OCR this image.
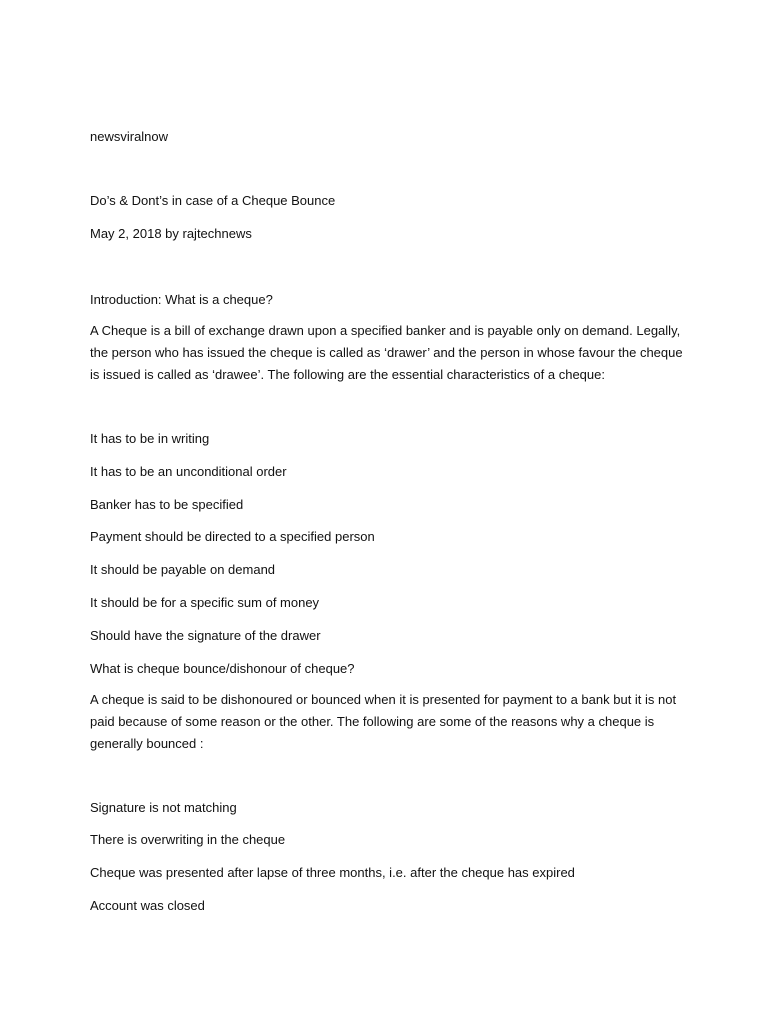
newsviralnow

Do’s & Dont’s in case of a Cheque Bounce

May 2, 2018 by rajtechnews

Introduction: What is a cheque?

A Cheque is a bill of exchange drawn upon a specified banker and is payable only on demand. Legally, the person who has issued the cheque is called as ‘drawer’ and the person in whose favour the cheque is issued is called as ‘drawee’. The following are the essential characteristics of a cheque:

It has to be in writing

It has to be an unconditional order

Banker has to be specified

Payment should be directed to a specified person

It should be payable on demand

It should be for a specific sum of money

Should have the signature of the drawer

What is cheque bounce/dishonour of cheque?

A cheque is said to be dishonoured or bounced when it is presented for payment to a bank but it is not paid because of some reason or the other. The following are some of the reasons why a cheque is generally bounced :

Signature is not matching

There is overwriting in the cheque

Cheque was presented after lapse of three months, i.e. after the cheque has expired

Account was closed
